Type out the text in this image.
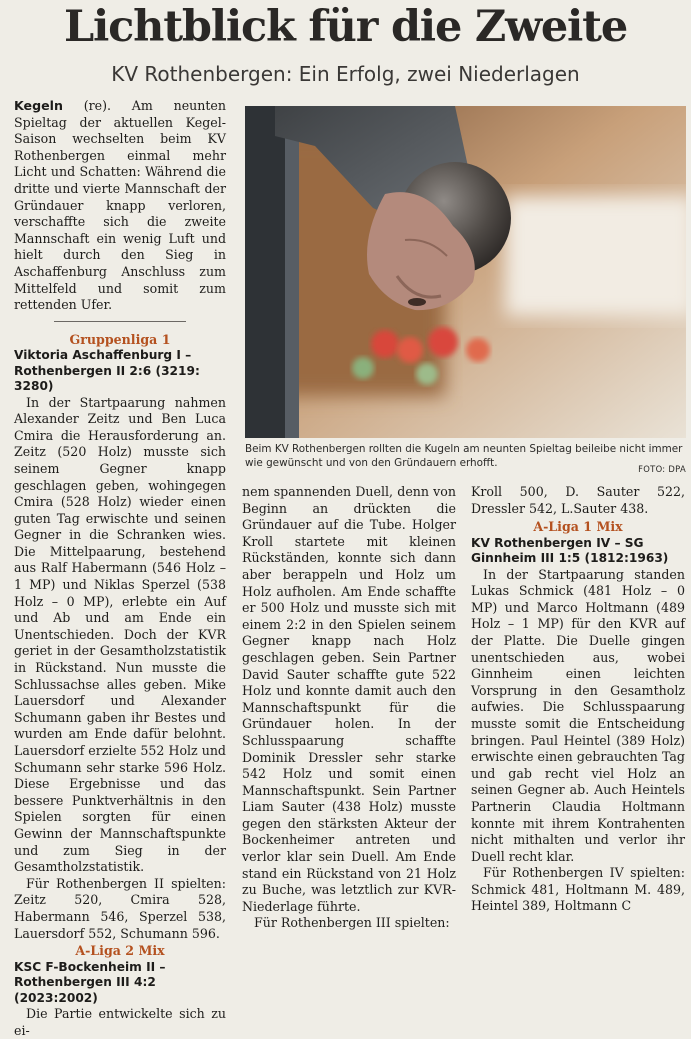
Lichtblick für die Zweite
KV Rothenbergen: Ein Erfolg, zwei Niederlagen

Kegeln (re). Am neunten Spieltag der aktuellen Kegel-Saison wechselten beim KV Rothenbergen einmal mehr Licht und Schatten: Während die dritte und vierte Mannschaft der Gründauer knapp verloren, verschaffte sich die zweite Mannschaft ein wenig Luft und hielt durch den Sieg in Aschaffenburg Anschluss zum Mittelfeld und somit zum rettenden Ufer.

Gruppenliga 1
Viktoria Aschaffenburg I – Rothenbergen II 2:6 (3219: 3280)

In der Startpaarung nahmen Alexander Zeitz und Ben Luca Cmira die Herausforderung an. Zeitz (520 Holz) musste sich seinem Gegner knapp geschlagen geben, wohingegen Cmira (528 Holz) wieder einen guten Tag erwischte und seinen Gegner in die Schranken wies. Die Mittelpaarung, bestehend aus Ralf Habermann (546 Holz – 1 MP) und Niklas Sperzel (538 Holz – 0 MP), erlebte ein Auf und Ab und am Ende ein Unentschieden. Doch der KVR geriet in der Gesamtholzstatistik in Rückstand. Nun musste die Schlussachse alles geben. Mike Lauersdorf und Alexander Schumann gaben ihr Bestes und wurden am Ende dafür belohnt. Lauersdorf erzielte 552 Holz und Schumann sehr starke 596 Holz. Diese Ergebnisse und das bessere Punktverhältnis in den Spielen sorgten für einen Gewinn der Mannschaftspunkte und zum Sieg in der Gesamtholzstatistik.

Für Rothenbergen II spielten: Zeitz 520, Cmira 528, Habermann 546, Sperzel 538, Lauersdorf 552, Schumann 596.

A-Liga 2 Mix
KSC F-Bockenheim II – Rothenbergen III 4:2 (2023:2002)

Die Partie entwickelte sich zu ei-

Beim KV Rothenbergen rollten die Kugeln am neunten Spieltag beileibe nicht immer wie gewünscht und von den Gründauern erhofft.	FOTO: DPA

nem spannenden Duell, denn von Beginn an drückten die Gründauer auf die Tube. Holger Kroll startete mit kleinen Rückständen, konnte sich dann aber berappeln und Holz um Holz aufholen. Am Ende schaffte er 500 Holz und musste sich mit einem 2:2 in den Spielen seinem Gegner knapp nach Holz geschlagen geben. Sein Partner David Sauter schaffte gute 522 Holz und konnte damit auch den Mannschaftspunkt für die Gründauer holen. In der Schlusspaarung schaffte Dominik Dressler sehr starke 542 Holz und somit einen Mannschaftspunkt. Sein Partner Liam Sauter (438 Holz) musste gegen den stärksten Akteur der Bockenheimer antreten und verlor klar sein Duell. Am Ende stand ein Rückstand von 21 Holz zu Buche, was letztlich zur KVR-Niederlage führte.

Für Rothenbergen III spielten:

Kroll 500, D. Sauter 522, Dressler 542, L.Sauter 438.

A-Liga 1 Mix
KV Rothenbergen IV – SG Ginnheim III 1:5 (1812:1963)

In der Startpaarung standen Lukas Schmick (481 Holz – 0 MP) und Marco Holtmann (489 Holz – 1 MP) für den KVR auf der Platte. Die Duelle gingen unentschieden aus, wobei Ginnheim einen leichten Vorsprung in den Gesamtholz aufwies. Die Schlusspaarung musste somit die Entscheidung bringen. Paul Heintel (389 Holz) erwischte einen gebrauchten Tag und gab recht viel Holz an seinen Gegner ab. Auch Heintels Partnerin Claudia Holtmann konnte mit ihrem Kontrahenten nicht mithalten und verlor ihr Duell recht klar.

Für Rothenbergen IV spielten: Schmick 481, Holtmann M. 489, Heintel 389, Holtmann C
